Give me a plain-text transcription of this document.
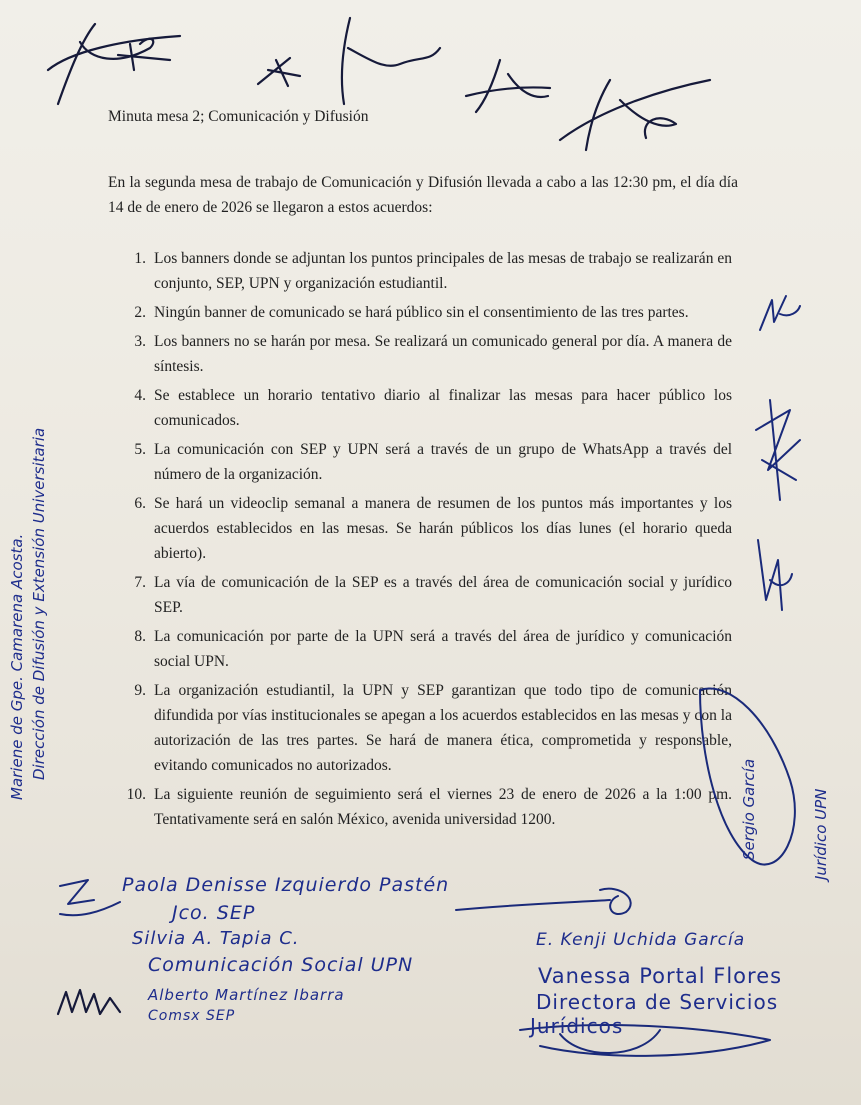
Minuta mesa 2; Comunicación y Difusión
En la segunda mesa de trabajo de Comunicación y Difusión llevada a cabo a las 12:30 pm, el día día 14 de de enero de 2026 se llegaron a estos acuerdos:
1. Los banners donde se adjuntan los puntos principales de las mesas de trabajo se realizarán en conjunto, SEP, UPN y organización estudiantil.
2. Ningún banner de comunicado se hará público sin el consentimiento de las tres partes.
3. Los banners no se harán por mesa. Se realizará un comunicado general por día. A manera de síntesis.
4. Se establece un horario tentativo diario al finalizar las mesas para hacer público los comunicados.
5. La comunicación con SEP y UPN será a través de un grupo de WhatsApp a través del número de la organización.
6. Se hará un videoclip semanal a manera de resumen de los puntos más importantes y los acuerdos establecidos en las mesas. Se harán públicos los días lunes (el horario queda abierto).
7. La vía de comunicación de la SEP es a través del área de comunicación social y jurídico SEP.
8. La comunicación por parte de la UPN será a través del área de jurídico y comunicación social UPN.
9. La organización estudiantil, la UPN y SEP garantizan que todo tipo de comunicación difundida por vías institucionales se apegan a los acuerdos establecidos en las mesas y con la autorización de las tres partes. Se hará de manera ética, comprometida y responsable, evitando comunicados no autorizados.
10. La siguiente reunión de seguimiento será el viernes 23 de enero de 2026 a la 1:00 pm. Tentativamente será en salón México, avenida universidad 1200.
Mariene de Gpe. Camarena Acosta. Dirección de Difusión y Extensión Universitaria
Sergio García	Jurídico UPN
Paola Denisse Izquierdo Pastén
Jco. SEP
Silvia A. Tapia C.
Comunicación Social UPN
Alberto Martínez Ibarra
Comsx SEP
E. Kenji Uchida García
Vanessa Portal Flores
Directora de Servicios
Jurídicos
